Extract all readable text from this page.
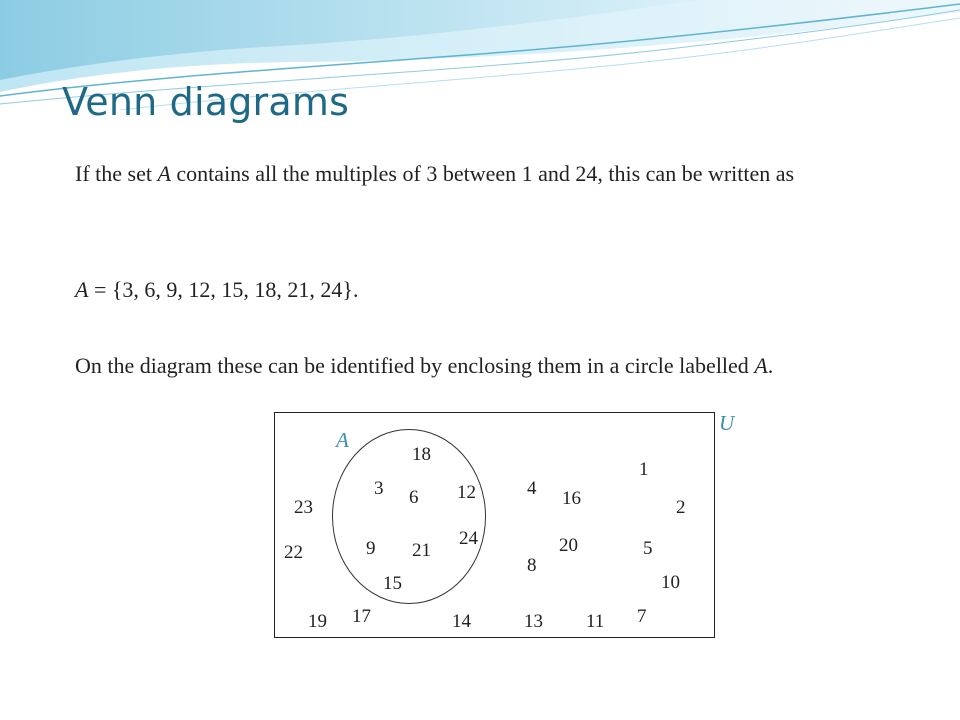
Venn diagrams

If the set A contains all the multiples of 3 between 1 and 24, this can be written as

A = {3, 6, 9, 12, 15, 18, 21, 24}.

On the diagram these can be identified by enclosing them in a circle labelled A.

U
A
3 6
9
12
15
18
21
24
1
2
4
5
7
8
10
11
13
14
16
17
19
20
22
23
